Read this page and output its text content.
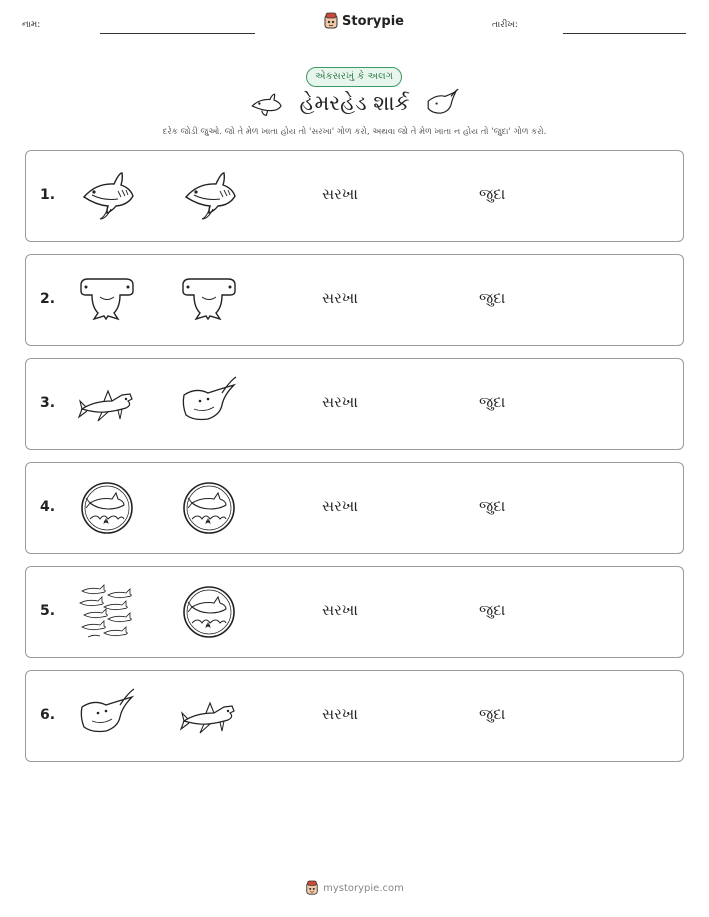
નામ:	Storypie	તારીખ:
એકસરખું કે અલગ
હેમરહેડ શાર્ક
દરેક જોડી જુઓ. જો તે મેળ ખાતા હોય તો 'સરખા' ગોળ કરો, અથવા જો તે મેળ ખાતા ન હોય તો 'જુદા' ગોળ કરો.
1.	સરખા	જુદા
2.	સરખા	જુદા
3.	સરખા	જુદા
4.	સરખા	જુદા
5.	સરખા	જુદા
6.	સરખા	જુદા
mystorypie.com
